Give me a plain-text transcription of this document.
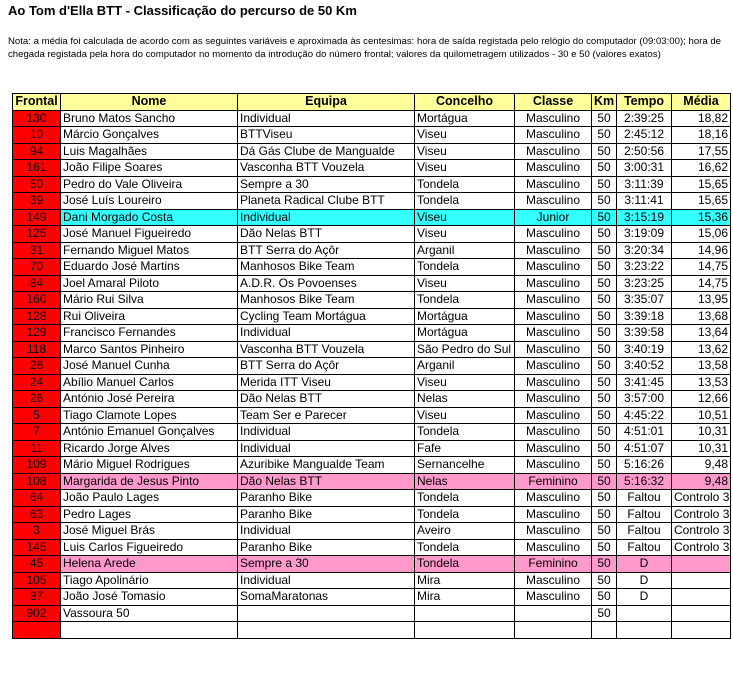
Ao Tom d'Ella BTT - Classificação do percurso de 50 Km
Nota: a média foi calculada de acordo com as seguintes variáveis e aproximada às centesimas: hora de saída registada pelo relógio do computador (09:03:00); hora de chegada registada pela hora do computador no momento da introdução do número frontal; valores da quilometragem utilizados - 30 e 50 (valores exatos)
Frontal	Nome	Equipa	Concelho	Classe	Km	Tempo	Média
130	Bruno Matos Sancho	Individual	Mortágua	Masculino	50	2:39:25	18,82
10	Márcio Gonçalves	BTTViseu	Viseu	Masculino	50	2:45:12	18,16
94	Luis Magalhães	Dá Gás Clube de Mangualde	Viseu	Masculino	50	2:50:56	17,55
161	João Filipe Soares	Vasconha BTT Vouzela	Viseu	Masculino	50	3:00:31	16,62
50	Pedro do Vale Oliveira	Sempre a 30	Tondela	Masculino	50	3:11:39	15,65
39	José Luís Loureiro	Planeta Radical Clube BTT	Tondela	Masculino	50	3:11:41	15,65
149	Dani Morgado Costa	Individual	Viseu	Junior	50	3:15:19	15,36
125	José Manuel Figueiredo	Dão Nelas BTT	Viseu	Masculino	50	3:19:09	15,06
31	Fernando Miguel Matos	BTT Serra do Açôr	Arganil	Masculino	50	3:20:34	14,96
70	Eduardo José Martins	Manhosos Bike Team	Tondela	Masculino	50	3:23:22	14,75
84	Joel Amaral Piloto	A.D.R. Os Povoenses	Viseu	Masculino	50	3:23:25	14,75
160	Mário Rui Silva	Manhosos Bike Team	Tondela	Masculino	50	3:35:07	13,95
128	Rui Oliveira	Cycling Team Mortágua	Mortágua	Masculino	50	3:39:18	13,68
129	Francisco Fernandes	Individual	Mortágua	Masculino	50	3:39:58	13,64
118	Marco Santos Pinheiro	Vasconha BTT Vouzela	São Pedro do Sul	Masculino	50	3:40:19	13,62
28	José Manuel Cunha	BTT Serra do Açôr	Arganil	Masculino	50	3:40:52	13,58
24	Abílio Manuel Carlos	Merida ITT Viseu	Viseu	Masculino	50	3:41:45	13,53
26	António José Pereira	Dão Nelas BTT	Nelas	Masculino	50	3:57:00	12,66
5	Tiago Clamote Lopes	Team Ser e Parecer	Viseu	Masculino	50	4:45:22	10,51
7	António Emanuel Gonçalves	Individual	Tondela	Masculino	50	4:51:01	10,31
11	Ricardo Jorge Alves	Individual	Fafe	Masculino	50	4:51:07	10,31
109	Mário Miguel Rodrigues	Azuribike Mangualde Team	Sernancelhe	Masculino	50	5:16:26	9,48
108	Margarida de Jesus Pinto	Dão Nelas BTT	Nelas	Feminino	50	5:16:32	9,48
64	João Paulo Lages	Paranho Bike	Tondela	Masculino	50	Faltou	Controlo 3
63	Pedro Lages	Paranho Bike	Tondela	Masculino	50	Faltou	Controlo 3
3	José Miguel Brás	Individual	Aveiro	Masculino	50	Faltou	Controlo 3
145	Luis Carlos Figueiredo	Paranho Bike	Tondela	Masculino	50	Faltou	Controlo 3
45	Helena Arede	Sempre a 30	Tondela	Feminino	50	D	
105	Tiago Apolinário	Individual	Mira	Masculino	50	D	
37	João José Tomasio	SomaMaratonas	Mira	Masculino	50	D	
902	Vassoura 50				50		
